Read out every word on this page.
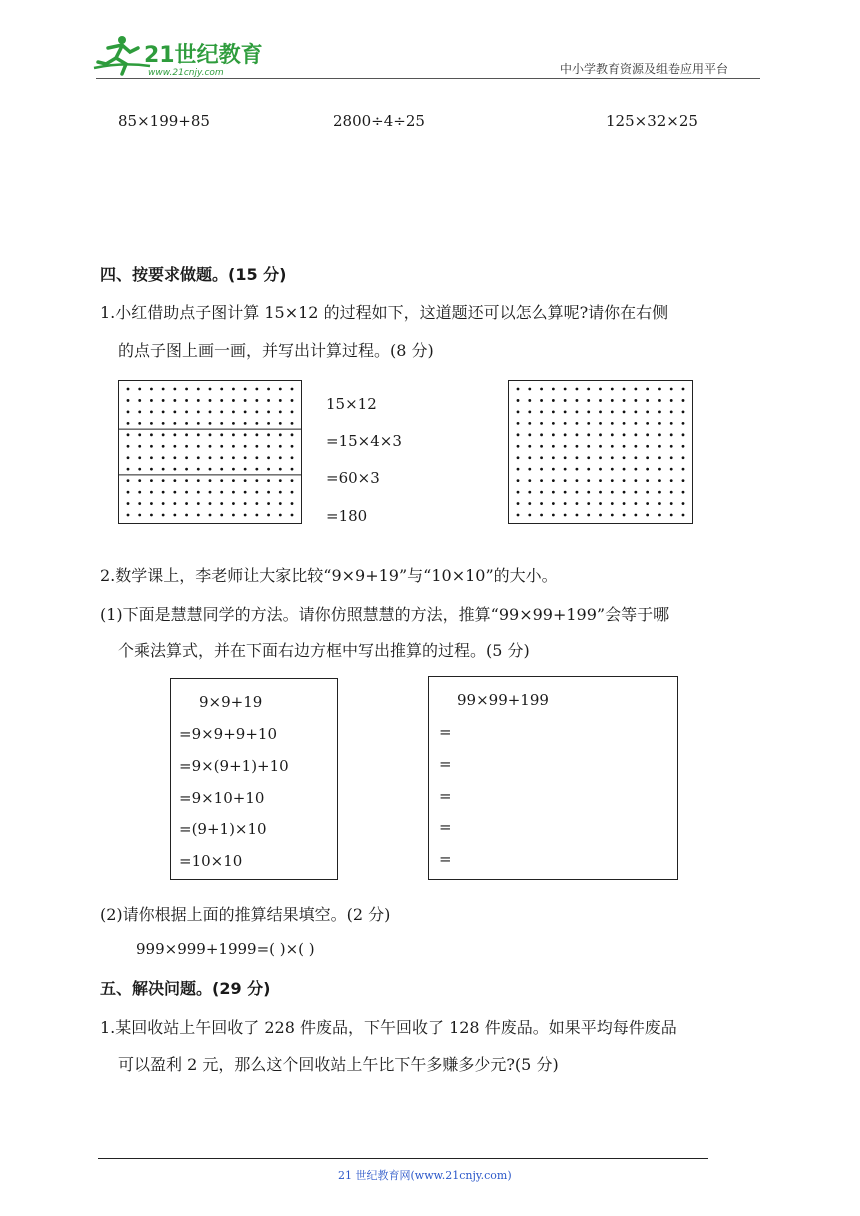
21世纪教育
www.21cnjy.com	中小学教育资源及组卷应用平台
85×199+85	2800÷4÷25	125×32×25
四、按要求做题。(15 分)
1.小红借助点子图计算 15×12 的过程如下，这道题还可以怎么算呢?请你在右侧
的点子图上画一画，并写出计算过程。(8 分)
15×12
=15×4×3
=60×3
=180
2.数学课上，李老师让大家比较“9×9+19”与“10×10”的大小。
(1)下面是慧慧同学的方法。请你仿照慧慧的方法，推算“99×99+199”会等于哪
个乘法算式，并在下面右边方框中写出推算的过程。(5 分)
9×9+19
=9×9+9+10
=9×(9+1)+10
=9×10+10
=(9+1)×10
=10×10
99×99+199
=
=
=
=
=
(2)请你根据上面的推算结果填空。(2 分)
999×999+1999=( )×( )
五、解决问题。(29 分)
1.某回收站上午回收了 228 件废品，下午回收了 128 件废品。如果平均每件废品
可以盈利 2 元，那么这个回收站上午比下午多赚多少元?(5 分)
21 世纪教育网(www.21cnjy.com)
